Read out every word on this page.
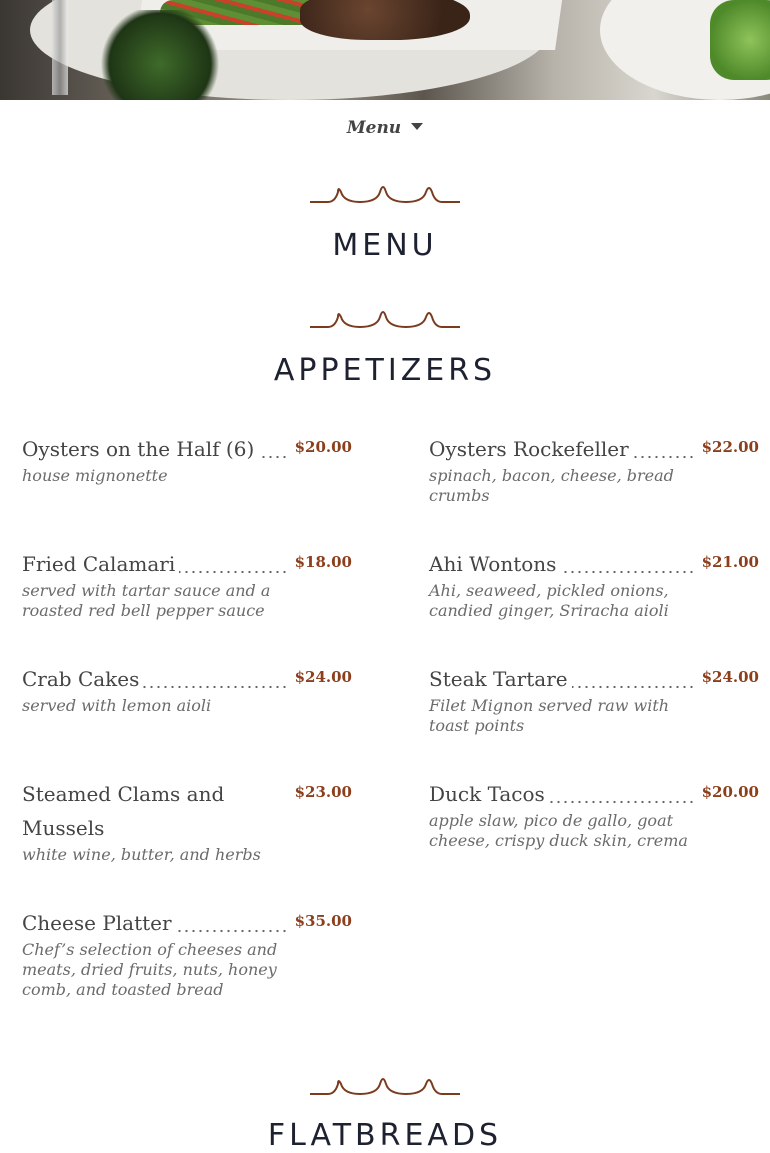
Menu
MENU
APPETIZERS
Oysters on the Half (6)	$20.00
house mignonette
Fried Calamari	$18.00
served with tartar sauce and a roasted red bell pepper sauce
Crab Cakes	$24.00
served with lemon aioli
Steamed Clams and Mussels
$23.00
white wine, butter, and herbs
Cheese Platter	$35.00
Chef’s selection of cheeses and meats, dried fruits, nuts, honey comb, and toasted bread
Oysters Rockefeller	$22.00
spinach, bacon, cheese, bread crumbs
Ahi Wontons	$21.00
Ahi, seaweed, pickled onions, candied ginger, Sriracha aioli
Steak Tartare	$24.00
Filet Mignon served raw with toast points
Duck Tacos	$20.00
apple slaw, pico de gallo, goat cheese, crispy duck skin, crema
FLATBREADS
